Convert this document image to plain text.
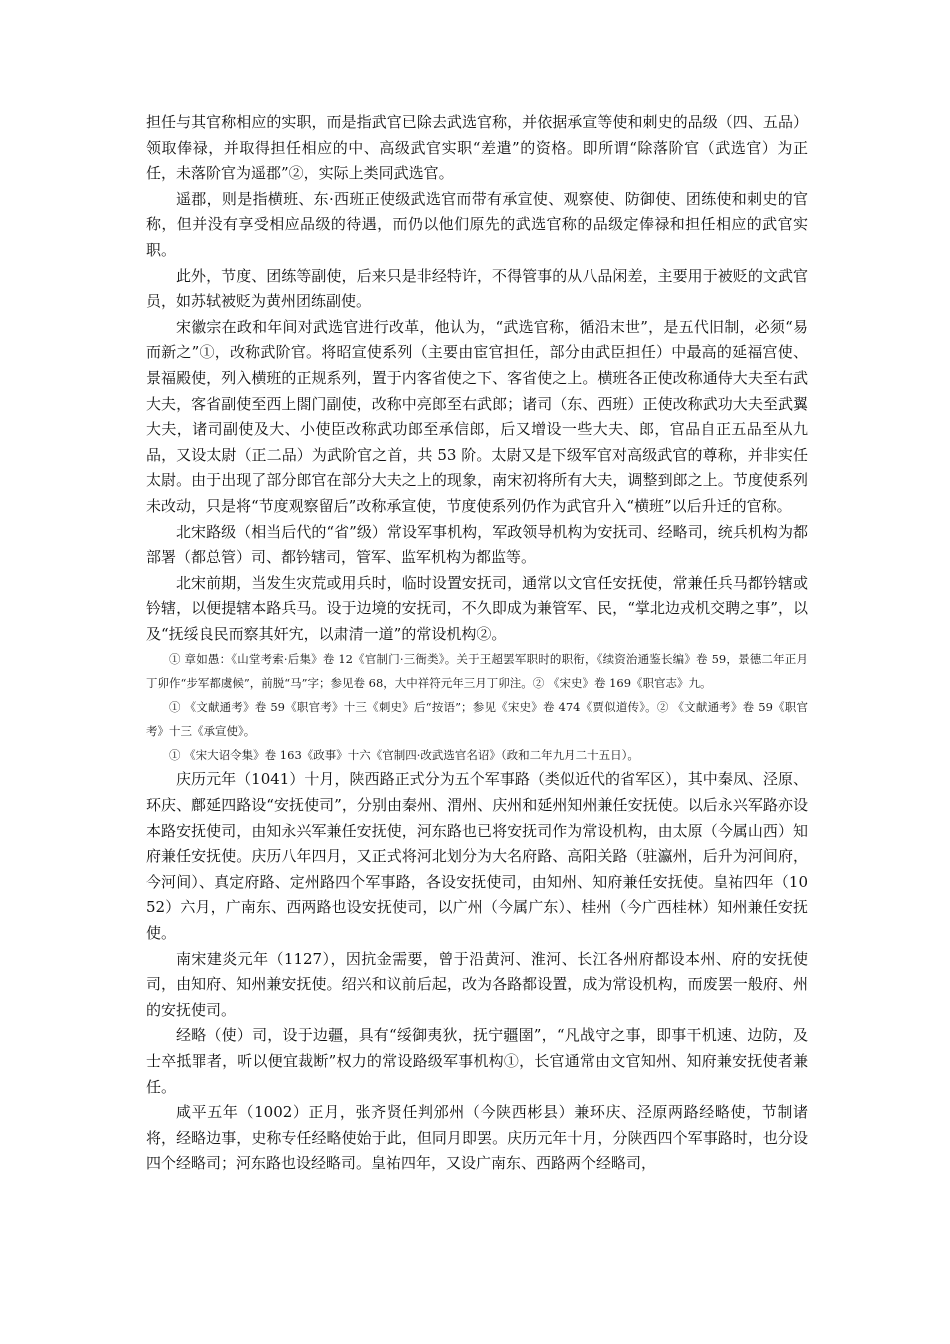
担任与其官称相应的实职，而是指武官已除去武选官称，并依据承宣等使和刺史的品级（四、五品）领取俸禄，并取得担任相应的中、高级武官实职“差遣”的资格。即所谓“除落阶官（武选官）为正任，未落阶官为遥郡”②，实际上类同武选官。

遥郡，则是指横班、东·西班正使级武选官而带有承宣使、观察使、防御使、团练使和刺史的官称，但并没有享受相应品级的待遇，而仍以他们原先的武选官称的品级定俸禄和担任相应的武官实职。

此外，节度、团练等副使，后来只是非经特许，不得管事的从八品闲差，主要用于被贬的文武官员，如苏轼被贬为黄州团练副使。

宋徽宗在政和年间对武选官进行改革，他认为，“武选官称，循沿末世”，是五代旧制，必须“易而新之”①，改称武阶官。将昭宣使系列（主要由宦官担任，部分由武臣担任）中最高的延福宫使、景福殿使，列入横班的正规系列，置于内客省使之下、客省使之上。横班各正使改称通侍大夫至右武大夫，客省副使至西上閤门副使，改称中亮郎至右武郎；诸司（东、西班）正使改称武功大夫至武翼大夫，诸司副使及大、小使臣改称武功郎至承信郎，后又增设一些大夫、郎，官品自正五品至从九品，又设太尉（正二品）为武阶官之首，共 53 阶。太尉又是下级军官对高级武官的尊称，并非实任太尉。由于出现了部分郎官在部分大夫之上的现象，南宋初将所有大夫，调整到郎之上。节度使系列未改动，只是将“节度观察留后”改称承宣使，节度使系列仍作为武官升入“横班”以后升迁的官称。

北宋路级（相当后代的“省”级）常设军事机构，军政领导机构为安抚司、经略司，统兵机构为都部署（都总管）司、都钤辖司，管军、监军机构为都监等。

北宋前期，当发生灾荒或用兵时，临时设置安抚司，通常以文官任安抚使，常兼任兵马都钤辖或钤辖，以便提辖本路兵马。设于边境的安抚司，不久即成为兼管军、民，“掌北边戎机交聘之事”，以及“抚绥良民而察其奸宄，以肃清一道”的常设机构②。

① 章如愚：《山堂考索·后集》卷 12《官制门·三衙类》。关于王超罢军职时的职衔，《续资治通鉴长编》卷 59，景德二年正月丁卯作“步军都虞候”，前脱“马”字；参见卷 68，大中祥符元年三月丁卯注。② 《宋史》卷 169《职官志》九。

① 《文献通考》卷 59《职官考》十三《刺史》后“按语”；参见《宋史》卷 474《贾似道传》。② 《文献通考》卷 59《职官考》十三《承宣使》。

① 《宋大诏令集》卷 163《政事》十六《官制四·改武选官名诏》（政和二年九月二十五日）。

庆历元年（1041）十月，陕西路正式分为五个军事路（类似近代的省军区），其中秦凤、泾原、环庆、鄜延四路设“安抚使司”，分别由秦州、渭州、庆州和延州知州兼任安抚使。以后永兴军路亦设本路安抚使司，由知永兴军兼任安抚使，河东路也已将安抚司作为常设机构，由太原（今属山西）知府兼任安抚使。庆历八年四月，又正式将河北划分为大名府路、高阳关路（驻瀛州，后升为河间府，今河间）、真定府路、定州路四个军事路，各设安抚使司，由知州、知府兼任安抚使。皇祐四年（1052）六月，广南东、西两路也设安抚使司，以广州（今属广东）、桂州（今广西桂林）知州兼任安抚使。

南宋建炎元年（1127），因抗金需要，曾于沿黄河、淮河、长江各州府都设本州、府的安抚使司，由知府、知州兼安抚使。绍兴和议前后起，改为各路都设置，成为常设机构，而废罢一般府、州的安抚使司。

经略（使）司，设于边疆，具有“绥御夷狄，抚宁疆圉”，“凡战守之事，即事干机速、边防，及士卒抵罪者，听以便宜裁断”权力的常设路级军事机构①，长官通常由文官知州、知府兼安抚使者兼任。

咸平五年（1002）正月，张齐贤任判邠州（今陕西彬县）兼环庆、泾原两路经略使，节制诸将，经略边事，史称专任经略使始于此，但同月即罢。庆历元年十月，分陕西四个军事路时，也分设四个经略司；河东路也设经略司。皇祐四年，又设广南东、西路两个经略司，
